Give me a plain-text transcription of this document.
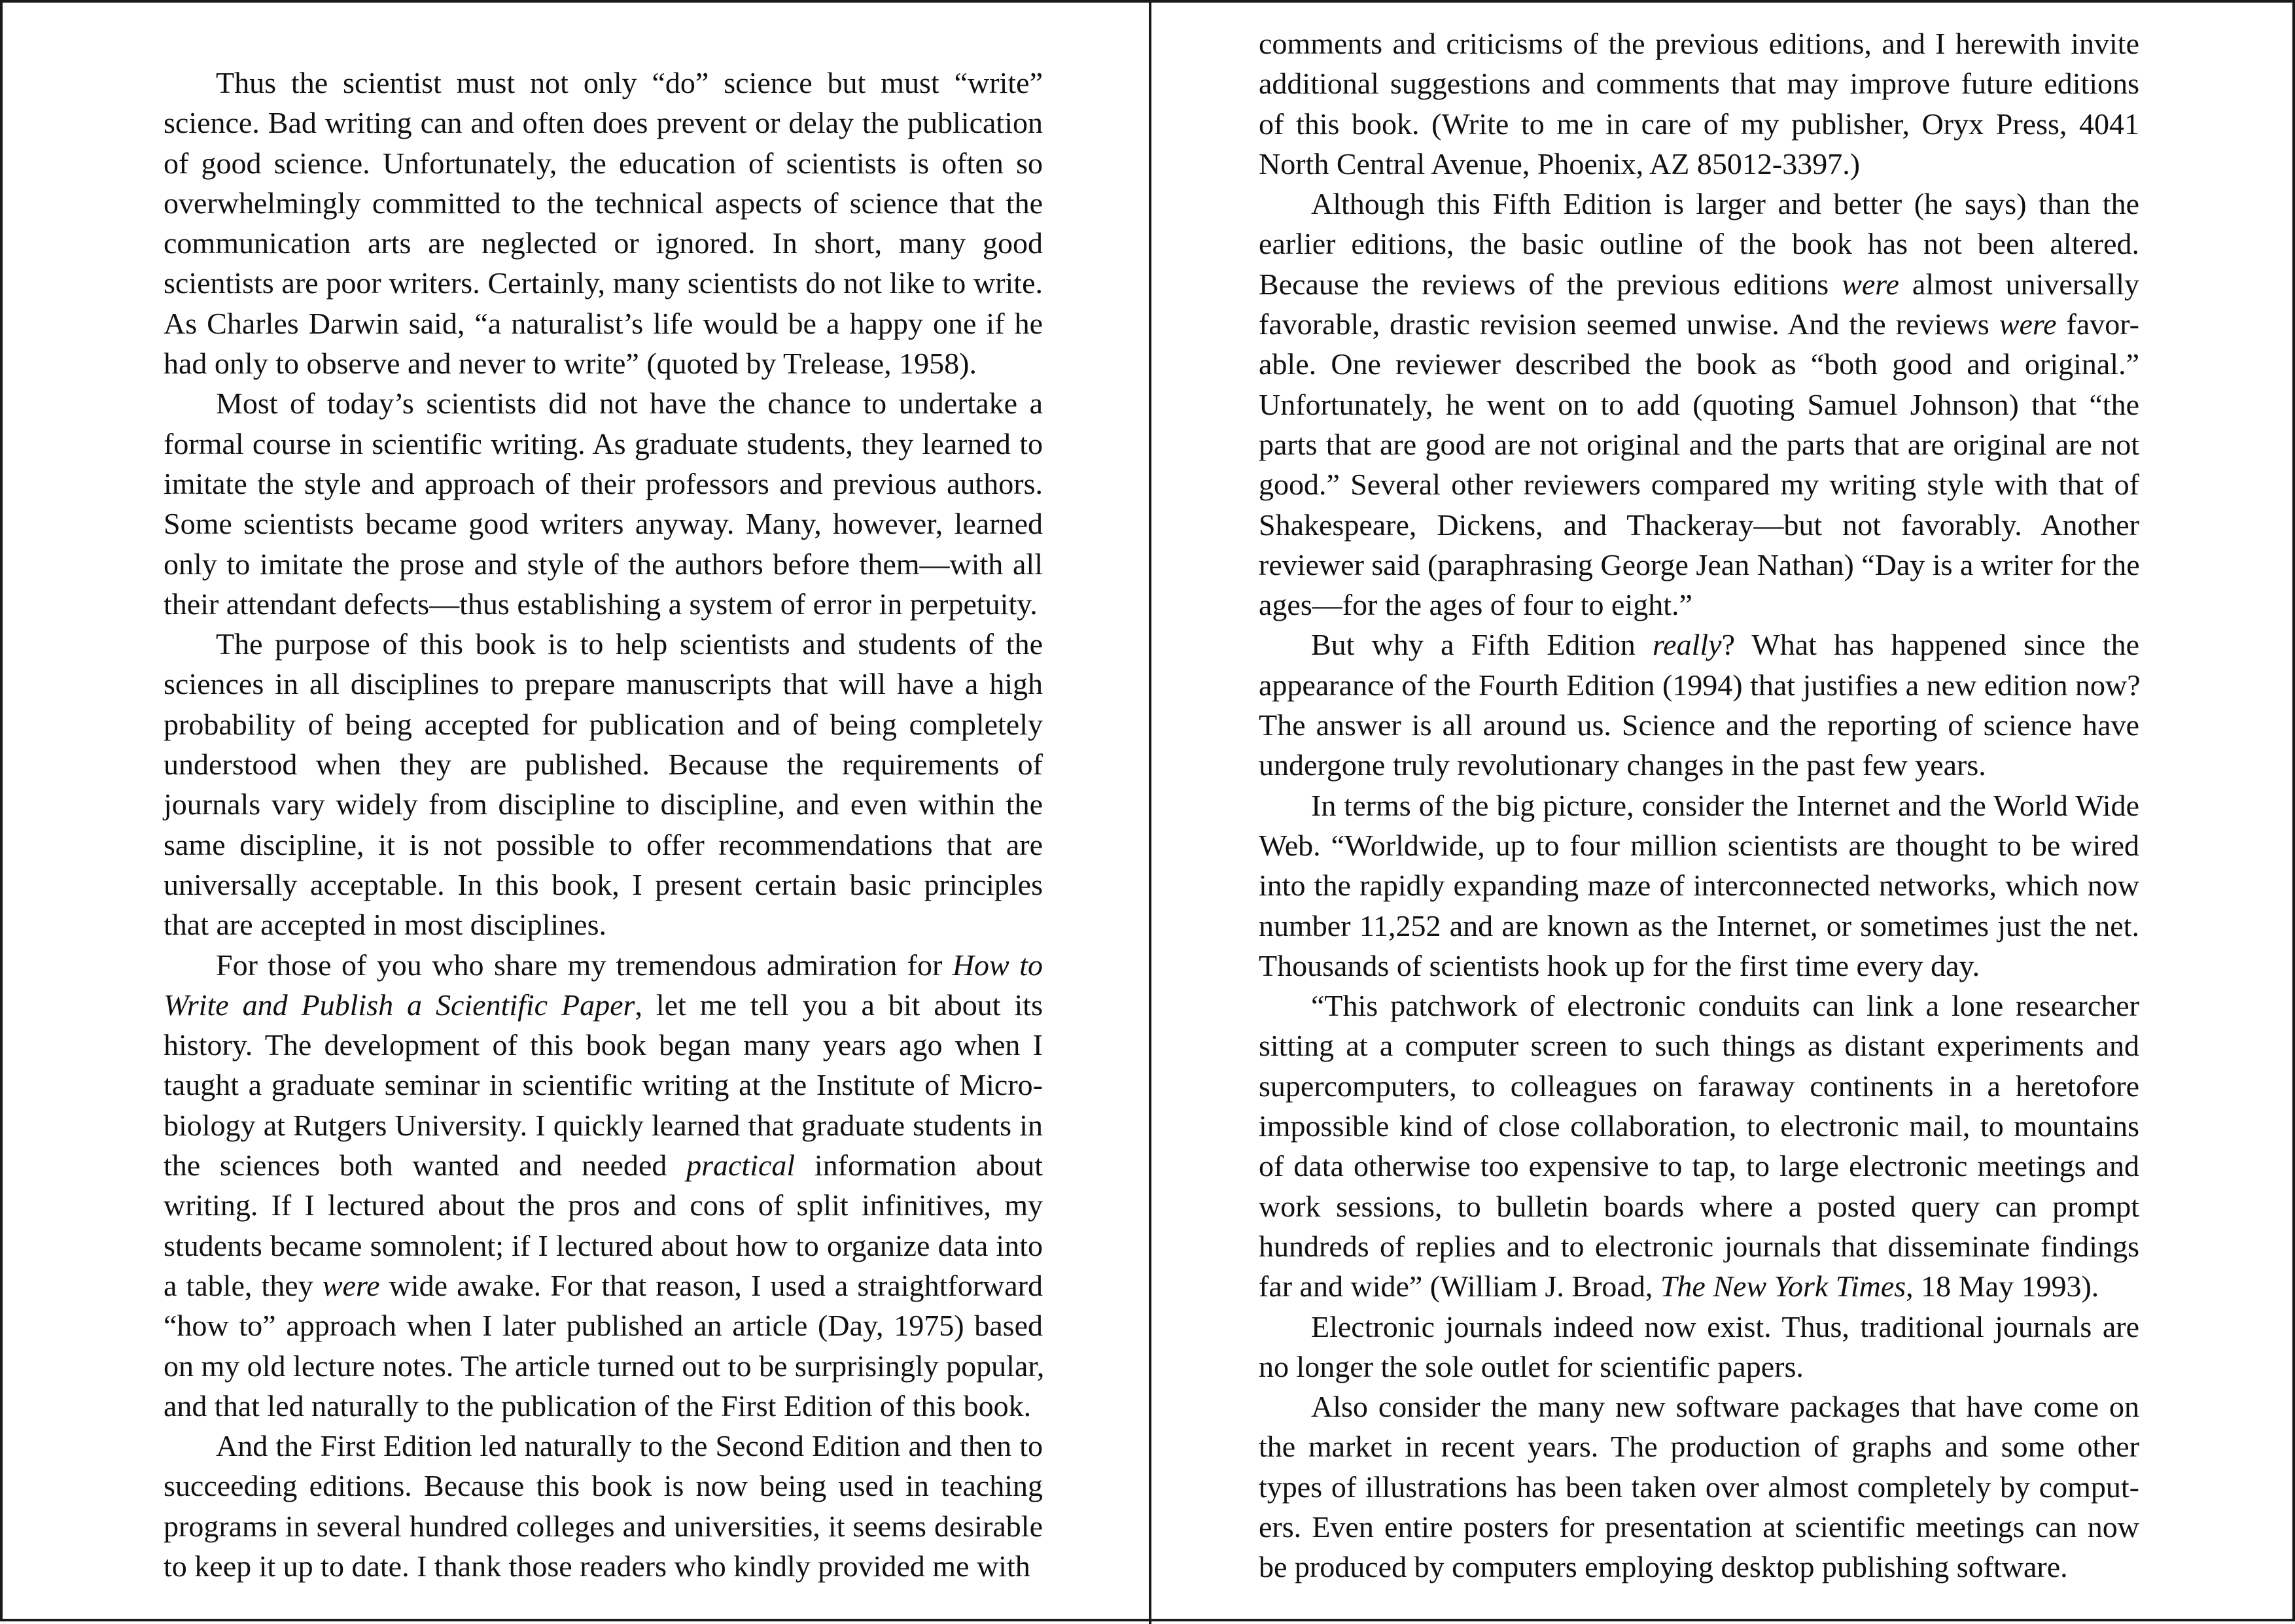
Thus the scientist must not only “do” science but must “write”
science. Bad writing can and often does prevent or delay the publication
of good science. Unfortunately, the education of scientists is often so
overwhelmingly committed to the technical aspects of science that the
communication arts are neglected or ignored. In short, many good
scientists are poor writers. Certainly, many scientists do not like to write.
As Charles Darwin said, “a naturalist’s life would be a happy one if he
had only to observe and never to write” (quoted by Trelease, 1958).
Most of today’s scientists did not have the chance to undertake a
formal course in scientific writing. As graduate students, they learned to
imitate the style and approach of their professors and previous authors.
Some scientists became good writers anyway. Many, however, learned
only to imitate the prose and style of the authors before them—with all
their attendant defects—thus establishing a system of error in perpetuity.
The purpose of this book is to help scientists and students of the
sciences in all disciplines to prepare manuscripts that will have a high
probability of being accepted for publication and of being completely
understood when they are published. Because the requirements of
journals vary widely from discipline to discipline, and even within the
same discipline, it is not possible to offer recommendations that are
universally acceptable. In this book, I present certain basic principles
that are accepted in most disciplines.
For those of you who share my tremendous admiration for How to
Write and Publish a Scientific Paper, let me tell you a bit about its
history. The development of this book began many years ago when I
taught a graduate seminar in scientific writing at the Institute of Micro-
biology at Rutgers University. I quickly learned that graduate students in
the sciences both wanted and needed practical information about
writing. If I lectured about the pros and cons of split infinitives, my
students became somnolent; if I lectured about how to organize data into
a table, they were wide awake. For that reason, I used a straightforward
“how to” approach when I later published an article (Day, 1975) based
on my old lecture notes. The article turned out to be surprisingly popular,
and that led naturally to the publication of the First Edition of this book.
And the First Edition led naturally to the Second Edition and then to
succeeding editions. Because this book is now being used in teaching
programs in several hundred colleges and universities, it seems desirable
to keep it up to date. I thank those readers who kindly provided me with
comments and criticisms of the previous editions, and I herewith invite
additional suggestions and comments that may improve future editions
of this book. (Write to me in care of my publisher, Oryx Press, 4041
North Central Avenue, Phoenix, AZ 85012-3397.)
Although this Fifth Edition is larger and better (he says) than the
earlier editions, the basic outline of the book has not been altered.
Because the reviews of the previous editions were almost universally
favorable, drastic revision seemed unwise. And the reviews were favor-
able. One reviewer described the book as “both good and original.”
Unfortunately, he went on to add (quoting Samuel Johnson) that “the
parts that are good are not original and the parts that are original are not
good.” Several other reviewers compared my writing style with that of
Shakespeare, Dickens, and Thackeray—but not favorably. Another
reviewer said (paraphrasing George Jean Nathan) “Day is a writer for the
ages—for the ages of four to eight.”
But why a Fifth Edition really? What has happened since the
appearance of the Fourth Edition (1994) that justifies a new edition now?
The answer is all around us. Science and the reporting of science have
undergone truly revolutionary changes in the past few years.
In terms of the big picture, consider the Internet and the World Wide
Web. “Worldwide, up to four million scientists are thought to be wired
into the rapidly expanding maze of interconnected networks, which now
number 11,252 and are known as the Internet, or sometimes just the net.
Thousands of scientists hook up for the first time every day.
“This patchwork of electronic conduits can link a lone researcher
sitting at a computer screen to such things as distant experiments and
supercomputers, to colleagues on faraway continents in a heretofore
impossible kind of close collaboration, to electronic mail, to mountains
of data otherwise too expensive to tap, to large electronic meetings and
work sessions, to bulletin boards where a posted query can prompt
hundreds of replies and to electronic journals that disseminate findings
far and wide” (William J. Broad, The New York Times, 18 May 1993).
Electronic journals indeed now exist. Thus, traditional journals are
no longer the sole outlet for scientific papers.
Also consider the many new software packages that have come on
the market in recent years. The production of graphs and some other
types of illustrations has been taken over almost completely by comput-
ers. Even entire posters for presentation at scientific meetings can now
be produced by computers employing desktop publishing software.
